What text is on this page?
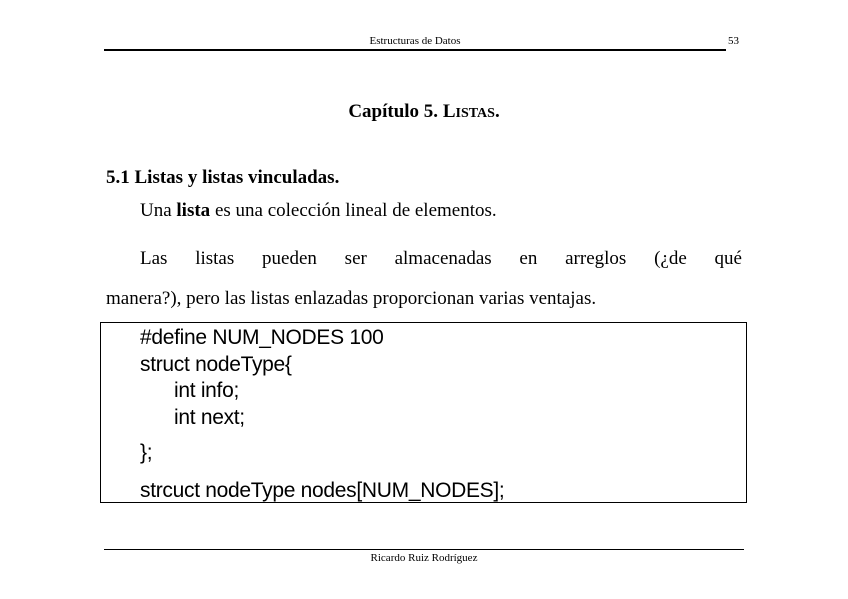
Estructuras de Datos	53
Capítulo 5. LISTAS.
5.1 Listas y listas vinculadas.
Una lista es una colección lineal de elementos.
Las listas pueden ser almacenadas en arreglos (¿de qué
manera?), pero las listas enlazadas proporcionan varias ventajas.
#define NUM_NODES 100
struct nodeType{
int info;
int next;
};
strcuct nodeType nodes[NUM_NODES];
Ricardo Ruiz Rodríguez
